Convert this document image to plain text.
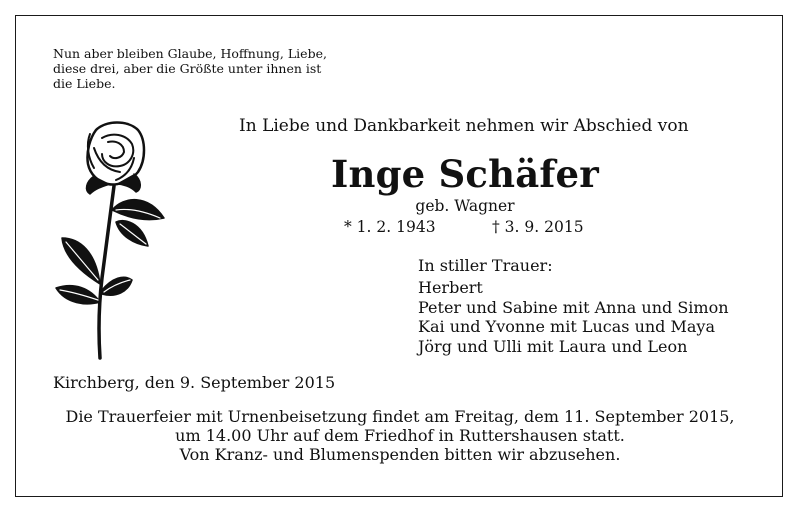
Nun aber bleiben Glaube, Hoffnung, Liebe,
diese drei, aber die Größte unter ihnen ist
die Liebe.
In Liebe und Dankbarkeit nehmen wir Abschied von
Inge Schäfer
geb. Wagner
* 1. 2. 1943	† 3. 9. 2015
In stiller Trauer:
Herbert
Peter und Sabine mit Anna und Simon
Kai und Yvonne mit Lucas und Maya
Jörg und Ulli mit Laura und Leon
Kirchberg, den 9. September 2015
Die Trauerfeier mit Urnenbeisetzung findet am Freitag, dem 11. September 2015,
um 14.00 Uhr auf dem Friedhof in Ruttershausen statt.
Von Kranz- und Blumenspenden bitten wir abzusehen.
